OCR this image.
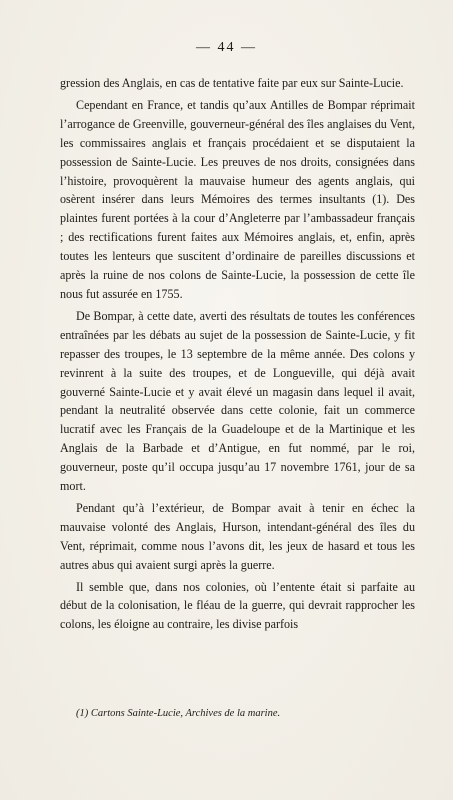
— 44 —

gression des Anglais, en cas de tentative faite par eux sur Sainte-Lucie.

Cependant en France, et tandis qu’aux Antilles de Bompar réprimait l’arrogance de Greenville, gouverneur-général des îles anglaises du Vent, les commissaires anglais et français procédaient et se disputaient la possession de Sainte-Lucie. Les preuves de nos droits, consignées dans l’histoire, provoquèrent la mauvaise humeur des agents anglais, qui osèrent insérer dans leurs Mémoires des termes insultants (1). Des plaintes furent portées à la cour d’Angleterre par l’ambassadeur français ; des rectifications furent faites aux Mémoires anglais, et, enfin, après toutes les lenteurs que suscitent d’ordinaire de pareilles discussions et après la ruine de nos colons de Sainte-Lucie, la possession de cette île nous fut assurée en 1755.

De Bompar, à cette date, averti des résultats de toutes les conférences entraînées par les débats au sujet de la possession de Sainte-Lucie, y fit repasser des troupes, le 13 septembre de la même année. Des colons y revinrent à la suite des troupes, et de Longueville, qui déjà avait gouverné Sainte-Lucie et y avait élevé un magasin dans lequel il avait, pendant la neutralité observée dans cette colonie, fait un commerce lucratif avec les Français de la Guadeloupe et de la Martinique et les Anglais de la Barbade et d’Antigue, en fut nommé, par le roi, gouverneur, poste qu’il occupa jusqu’au 17 novembre 1761, jour de sa mort.

Pendant qu’à l’extérieur, de Bompar avait à tenir en échec la mauvaise volonté des Anglais, Hurson, intendant-général des îles du Vent, réprimait, comme nous l’avons dit, les jeux de hasard et tous les autres abus qui avaient surgi après la guerre.

Il semble que, dans nos colonies, où l’entente était si parfaite au début de la colonisation, le fléau de la guerre, qui devrait rapprocher les colons, les éloigne au contraire, les divise parfois

(1) Cartons Sainte-Lucie, Archives de la marine.
